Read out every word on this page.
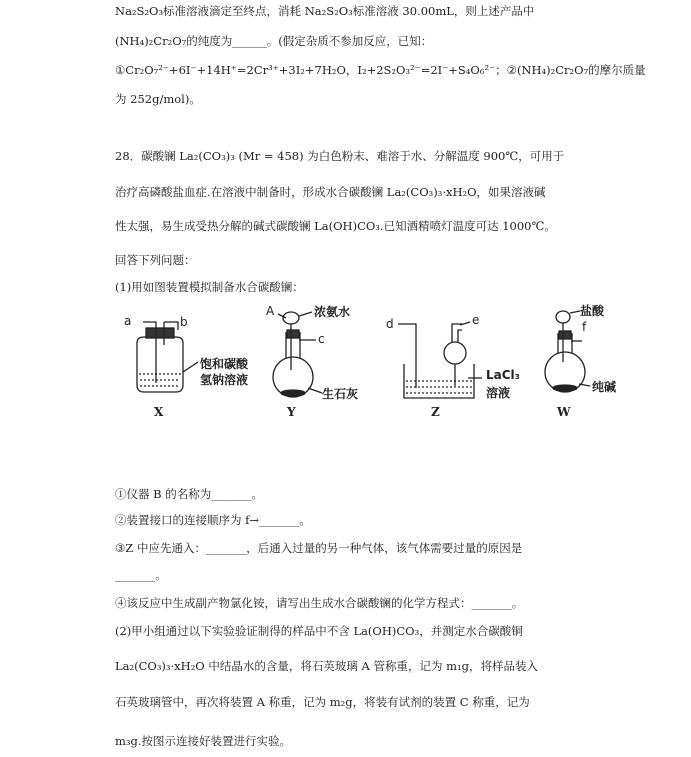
Na₂S₂O₃标准溶液滴定至终点，消耗 Na₂S₂O₃标准溶液 30.00mL，则上述产品中
(NH₄)₂Cr₂O₇的纯度为______。(假定杂质不参加反应，已知：
①Cr₂O₇²⁻+6I⁻+14H⁺=2Cr³⁺+3I₂+7H₂O，I₂+2S₂O₃²⁻=2I⁻+S₄O₆²⁻；②(NH₄)₂Cr₂O₇的摩尔质量
为 252g/mol)。
28．碳酸镧 La₂(CO₃)₃ (Mr = 458) 为白色粉末、难溶于水、分解温度 900℃，可用于
治疗高磷酸盐血症.在溶液中制备时，形成水合碳酸镧 La₂(CO₃)₃·xH₂O，如果溶液碱
性太强，易生成受热分解的碱式碳酸镧 La(OH)CO₃.已知酒精喷灯温度可达 1000℃。
回答下列问题：
(1)用如图装置模拟制备水合碳酸镧：
a	b
饱和碳酸
氢钠溶液
X
A	浓氨水
c
生石灰
Y
d	e
LaCl₃
溶液
Z
盐酸
f
纯碱
W
①仪器 B 的名称为_______。
②装置接口的连接顺序为 f→_______。
③Z 中应先通入：_______，后通入过量的另一种气体，该气体需要过量的原因是
_______。
④该反应中生成副产物氯化铵，请写出生成水合碳酸镧的化学方程式：_______。
(2)甲小组通过以下实验验证制得的样品中不含 La(OH)CO₃，并测定水合碳酸铜
La₂(CO₃)₃·xH₂O 中结晶水的含量，将石英玻璃 A 管称重，记为 m₁g，将样品装入
石英玻璃管中，再次将装置 A 称重，记为 m₂g，将装有试剂的装置 C 称重，记为
m₃g.按图示连接好装置进行实验。
